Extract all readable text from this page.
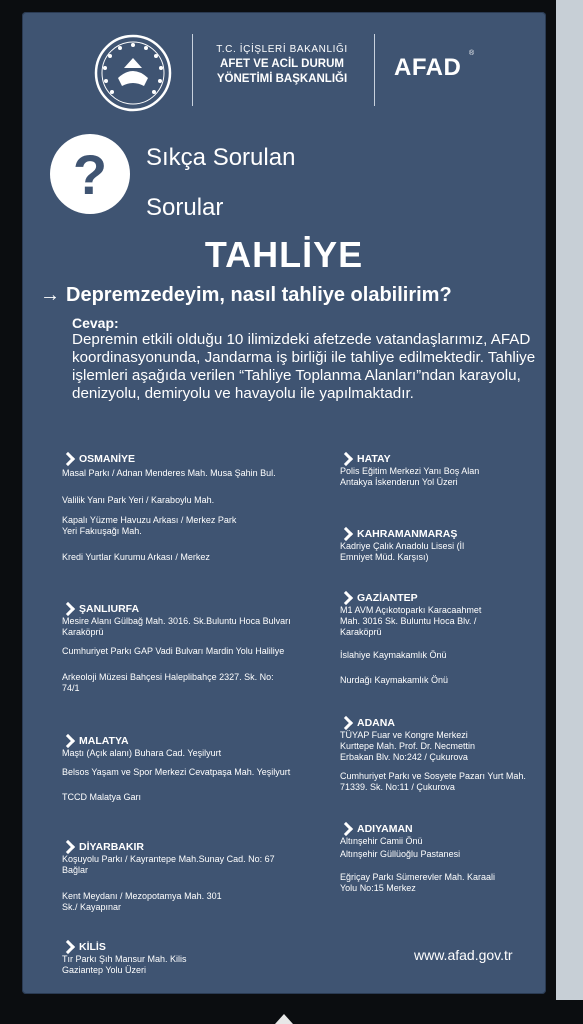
T.C. İÇİŞLERİ BAKANLIĞI
AFET VE ACİL DURUM
YÖNETİMİ BAŞKANLIĞI	AFAD
®
?	Sıkça Sorulan
Sorular
TAHLİYE
→ Depremzedeyim, nasıl tahliye olabilirim?
Cevap:
Depremin etkili olduğu 10 ilimizdeki afetzede vatandaşlarımız, AFAD koordinasyonunda, Jandarma iş birliği ile tahliye edilmektedir. Tahliye işlemleri aşağıda verilen “Tahliye Toplanma Alanları”ndan karayolu, denizyolu, demiryolu ve havayolu ile yapılmaktadır.
OSMANİYE
Masal Parkı / Adnan Menderes Mah. Musa Şahin Bul.
Valilik Yanı Park Yeri / Karaboylu Mah.
Kapalı Yüzme Havuzu Arkası / Merkez Park Yeri Fakıuşağı Mah.
Kredi Yurtlar Kurumu Arkası / Merkez
ŞANLIURFA
Mesire Alanı Gülbağ Mah. 3016. Sk.Buluntu Hoca Bulvarı Karaköprü
Cumhuriyet Parkı GAP Vadi Bulvarı Mardin Yolu Haliliye
Arkeoloji Müzesi Bahçesi Haleplibahçe 2327. Sk. No: 74/1
MALATYA
Maştı (Açık alanı) Buhara Cad. Yeşilyurt
Belsos Yaşam ve Spor Merkezi Cevatpaşa Mah. Yeşilyurt
TCCD Malatya Garı
DİYARBAKIR
Koşuyolu Parkı / Kayrantepe Mah.Sunay Cad. No: 67 Bağlar
Kent Meydanı / Mezopotamya Mah. 301 Sk./ Kayapınar
KİLİS
Tır Parkı Şıh Mansur Mah. Kilis Gaziantep Yolu Üzeri
HATAY
Polis Eğitim Merkezi Yanı Boş Alan Antakya İskenderun Yol Üzeri
KAHRAMANMARAŞ
Kadriye Çalık Anadolu Lisesi (İl Emniyet Müd. Karşısı)
GAZİANTEP
M1 AVM Açıkotoparkı Karacaahmet Mah. 3016 Sk. Buluntu Hoca Blv. / Karaköprü
İslahiye Kaymakamlık Önü
Nurdağı Kaymakamlık Önü
ADANA
TÜYAP Fuar ve Kongre Merkezi Kurttepe Mah. Prof. Dr. Necmettin Erbakan Blv. No:242 / Çukurova
Cumhuriyet Parkı ve Sosyete Pazarı Yurt Mah. 71339. Sk. No:11 / Çukurova
ADIYAMAN
Altınşehir Camii Önü
Altınşehir Güllüoğlu Pastanesi
Eğriçay Parkı Sümerevler Mah. Karaali Yolu No:15 Merkez
www.afad.gov.tr
